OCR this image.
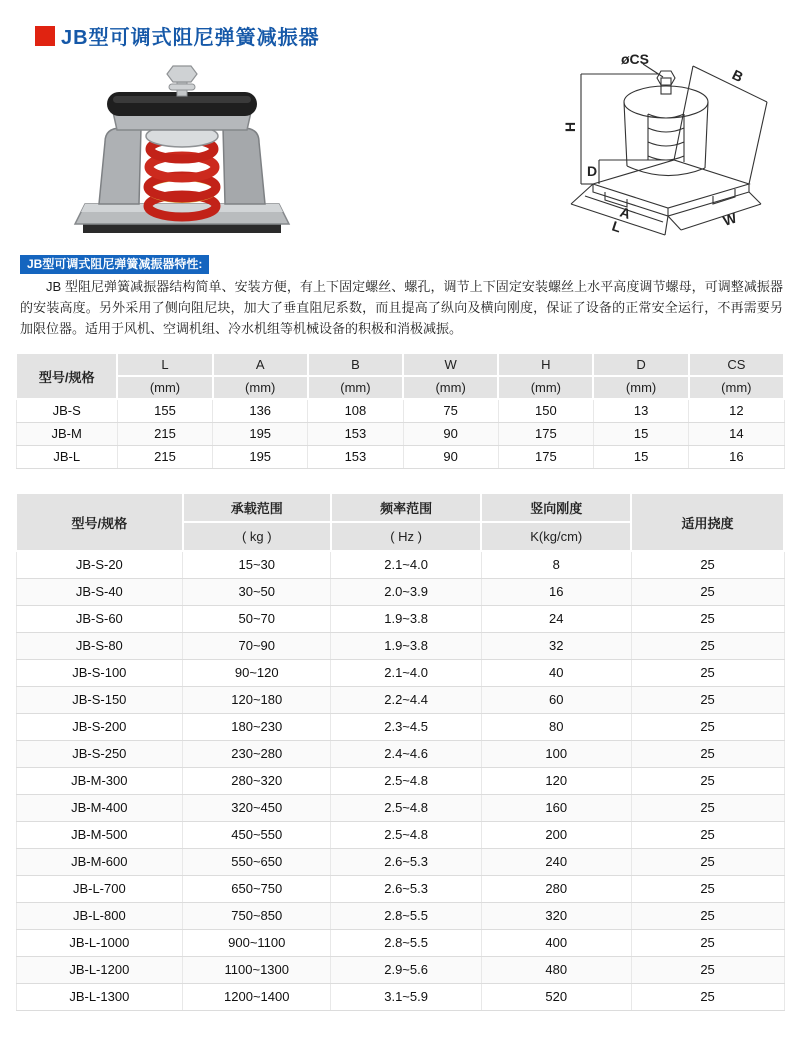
JB型可调式阻尼弹簧减振器
øCS
B
H
D
A
L	W
JB型可调式阻尼弹簧减振器特性:
JB 型阻尼弹簧减振器结构简单、安装方便，有上下固定螺丝、螺孔，调节上下固定安装螺丝上水平高度调节螺母，可调整减振器的安装高度。另外采用了侧向阻尼块，加大了垂直阻尼系数，而且提高了纵向及横向刚度，保证了设备的正常安全运行，不再需要另加限位器。适用于风机、空调机组、冷水机组等机械设备的积极和消极减振。
型号/规格	L	A	B	W	H	D	CS
	(mm)	(mm)	(mm)	(mm)	(mm)	(mm)	(mm)
JB-S	155	136	108	75	150	13	12
JB-M	215	195	153	90	175	15	14
JB-L	215	195	153	90	175	15	16
型号/规格	承载范围	频率范围	竖向刚度	适用挠度
	( kg )	( Hz )	K(kg/cm)	
JB-S-20	15~30	2.1~4.0	8	25
JB-S-40	30~50	2.0~3.9	16	25
JB-S-60	50~70	1.9~3.8	24	25
JB-S-80	70~90	1.9~3.8	32	25
JB-S-100	90~120	2.1~4.0	40	25
JB-S-150	120~180	2.2~4.4	60	25
JB-S-200	180~230	2.3~4.5	80	25
JB-S-250	230~280	2.4~4.6	100	25
JB-M-300	280~320	2.5~4.8	120	25
JB-M-400	320~450	2.5~4.8	160	25
JB-M-500	450~550	2.5~4.8	200	25
JB-M-600	550~650	2.6~5.3	240	25
JB-L-700	650~750	2.6~5.3	280	25
JB-L-800	750~850	2.8~5.5	320	25
JB-L-1000	900~1100	2.8~5.5	400	25
JB-L-1200	1100~1300	2.9~5.6	480	25
JB-L-1300	1200~1400	3.1~5.9	520	25
